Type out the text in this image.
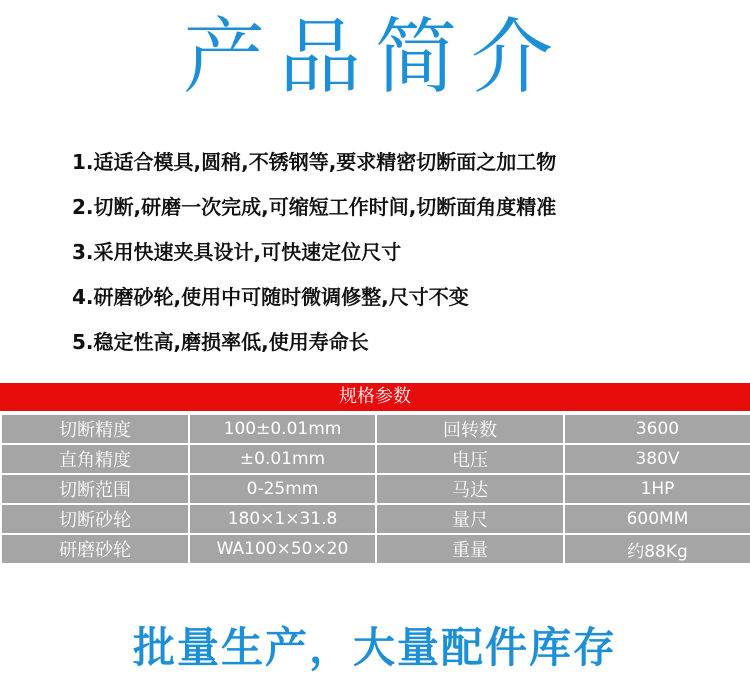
产品简介
1.适适合模具,圆稍,不锈钢等,要求精密切断面之加工物
2.切断,研磨一次完成,可缩短工作时间,切断面角度精准
3.采用快速夹具设计,可快速定位尺寸
4.研磨砂轮,使用中可随时微调修整,尺寸不变
5.稳定性高,磨损率低,使用寿命长
规格参数
切断精度	100±0.01mm	回转数	3600
直角精度	±0.01mm	电压	380V
切断范围	0-25mm	马达	1HP
切断砂轮	180×1×31.8	量尺	600MM
研磨砂轮	WA100×50×20	重量	约88Kg
批量生产，大量配件库存
